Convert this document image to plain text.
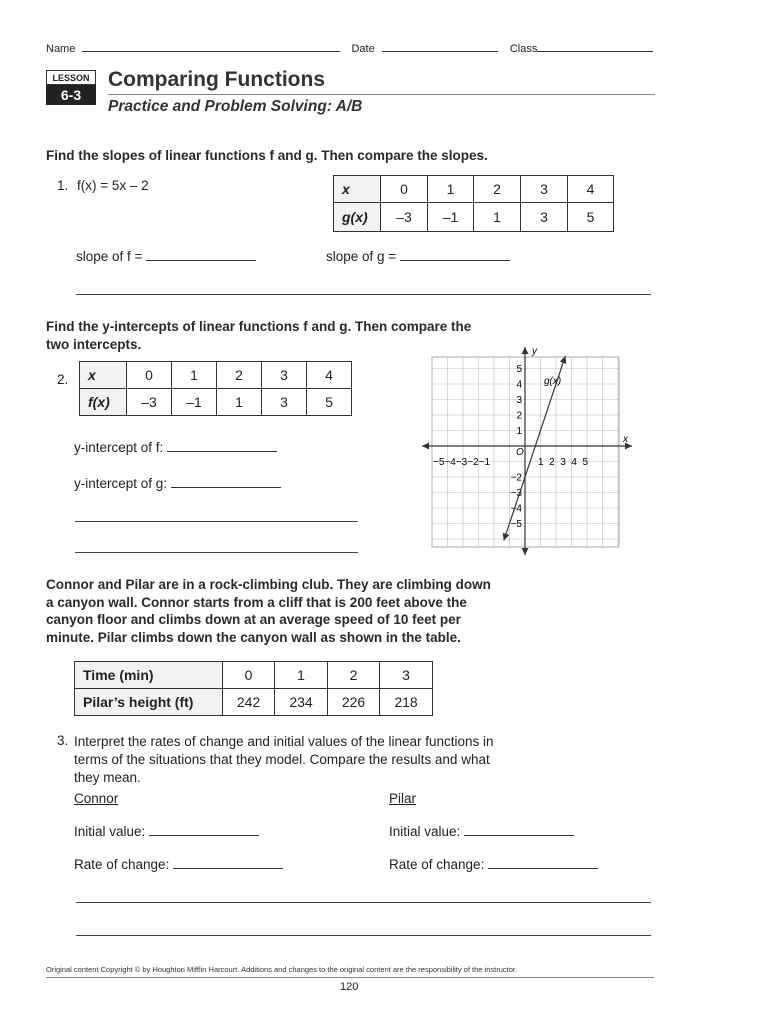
Name	Date	Class
LESSON
6-3
Comparing Functions
Practice and Problem Solving: A/B
Find the slopes of linear functions f and g. Then compare the slopes.
1. f(x) = 5x – 2	x	0	1	2	3	4
g(x)	–3	–1	1	3	5
slope of f =	slope of g =
Find the y-intercepts of linear functions f and g. Then compare the
two intercepts.
2. x	0	1	2	3	4
f(x)	–3	–1	1	3	5
y-intercept of f:
y-intercept of g:
y
x
O
−5−4−3−2−1	1  2  3  4  5
5
4
3
2
1
−2
−3
−4
−5
g(x)
Connor and Pilar are in a rock-climbing club. They are climbing down
a canyon wall. Connor starts from a cliff that is 200 feet above the
canyon floor and climbs down at an average speed of 10 feet per
minute. Pilar climbs down the canyon wall as shown in the table.
Time (min)	0	1	2	3
Pilar’s height (ft)	242	234	226	218
3. Interpret the rates of change and initial values of the linear functions in
terms of the situations that they model. Compare the results and what
they mean.
Connor	Pilar
Initial value:	Initial value:
Rate of change:	Rate of change:
Original content Copyright © by Houghton Mifflin Harcourt. Additions and changes to the original content are the responsibility of the instructor.
120
